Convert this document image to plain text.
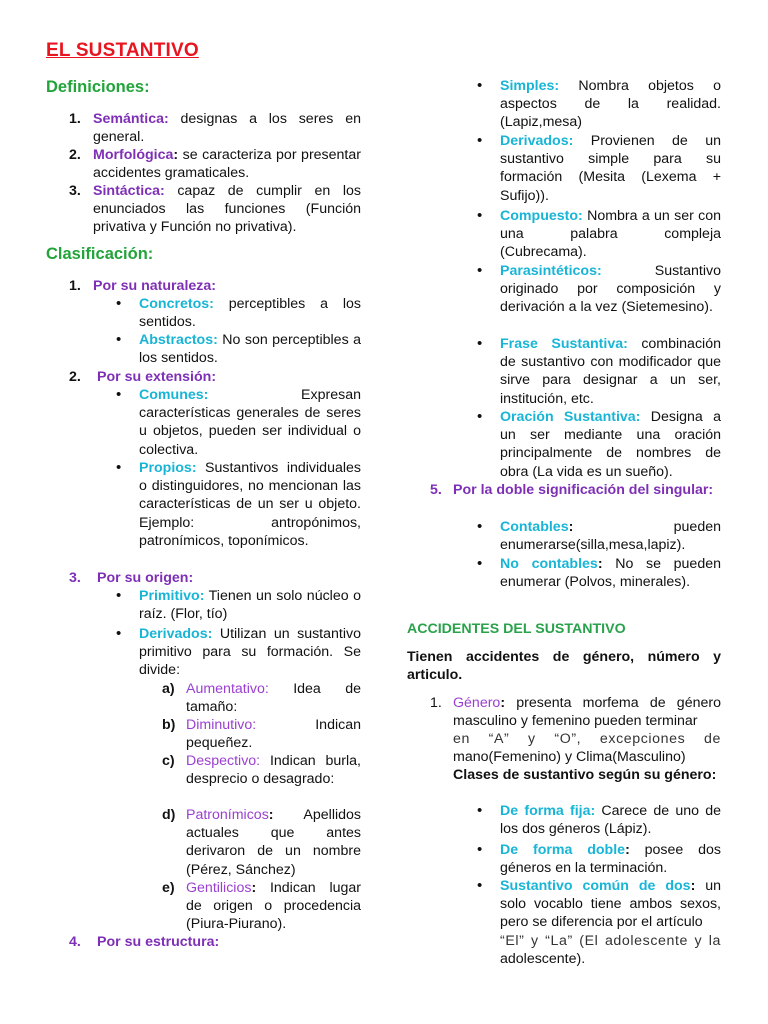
EL SUSTANTIVO
Definiciones:
1. Semántica: designas a los seres en general.
2. Morfológica: se caracteriza por presentar accidentes gramaticales.
3. Sintáctica: capaz de cumplir en los enunciados las funciones (Función privativa y Función no privativa).
Clasificación:
1. Por su naturaleza:
• Concretos: perceptibles a los sentidos.
• Abstractos: No son perceptibles a los sentidos.
2. Por su extensión:
• Comunes: Expresan características generales de seres u objetos, pueden ser individual o colectiva.
• Propios: Sustantivos individuales o distinguidores, no mencionan las características de un ser u objeto. Ejemplo: antropónimos, patronímicos, toponímicos.
3. Por su origen:
• Primitivo: Tienen un solo núcleo o raíz. (Flor, tío)
• Derivados: Utilizan un sustantivo primitivo para su formación. Se divide:
a) Aumentativo: Idea de tamaño:
b) Diminutivo: Indican pequeñez.
c) Despectivo: Indican burla, desprecio o desagrado:
d) Patronímicos: Apellidos actuales que antes derivaron de un nombre (Pérez, Sánchez)
e) Gentilicios: Indican lugar de origen o procedencia (Piura-Piurano).
4. Por su estructura:
• Simples: Nombra objetos o aspectos de la realidad. (Lapiz,mesa)
• Derivados: Provienen de un sustantivo simple para su formación (Mesita (Lexema + Sufijo)).
• Compuesto: Nombra a un ser con una palabra compleja (Cubrecama).
• Parasintéticos: Sustantivo originado por composición y derivación a la vez (Sietemesino).
• Frase Sustantiva: combinación de sustantivo con modificador que sirve para designar a un ser, institución, etc.
• Oración Sustantiva: Designa a un ser mediante una oración principalmente de nombres de obra (La vida es un sueño).
5. Por la doble significación del singular:
• Contables: pueden enumerarse(silla,mesa,lapiz).
• No contables: No se pueden enumerar (Polvos, minerales).
ACCIDENTES DEL SUSTANTIVO
Tienen accidentes de género, número y articulo.
1. Género: presenta morfema de género masculino y femenino pueden terminar
en “A” y “O”, excepciones de
mano(Femenino) y Clima(Masculino)
Clases de sustantivo según su género:
• De forma fija: Carece de uno de los dos géneros (Lápiz).
• De forma doble: posee dos géneros en la terminación.
• Sustantivo común de dos: un solo vocablo tiene ambos sexos, pero se diferencia por el artículo
“El” y “La” (El adolescente y la
adolescente).
